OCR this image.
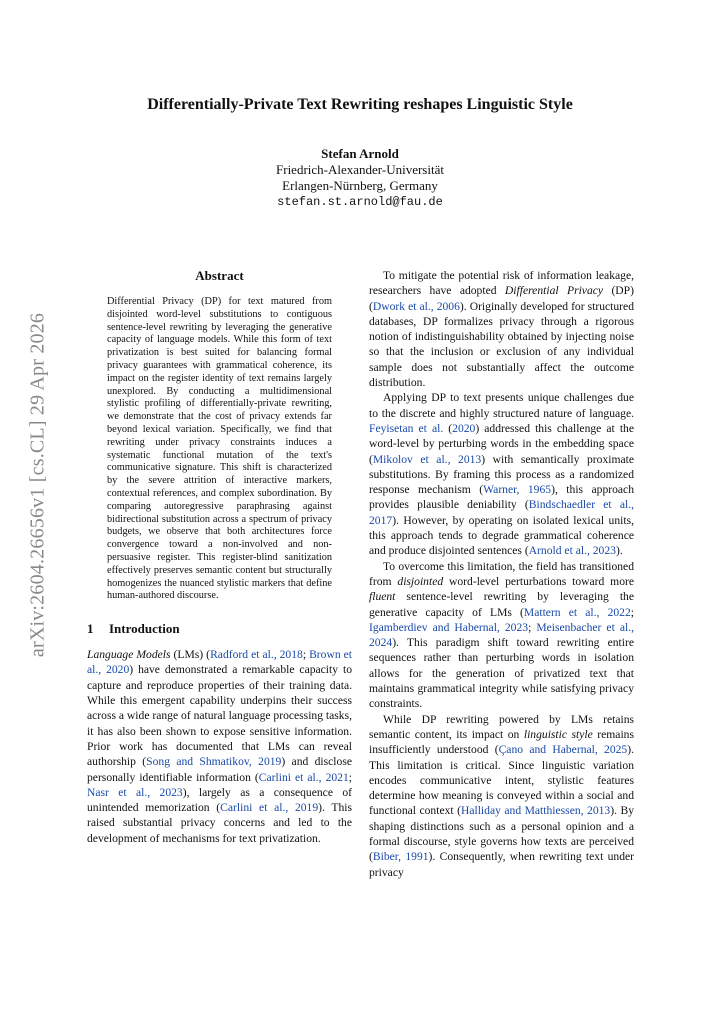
arXiv:2604.26656v1 [cs.CL] 29 Apr 2026
Differentially-Private Text Rewriting reshapes Linguistic Style
Stefan Arnold
Friedrich-Alexander-Universität
Erlangen-Nürnberg, Germany
stefan.st.arnold@fau.de
Abstract
Differential Privacy (DP) for text matured from disjointed word-level substitutions to contiguous sentence-level rewriting by leveraging the generative capacity of language models. While this form of text privatization is best suited for balancing formal privacy guarantees with grammatical coherence, its impact on the register identity of text remains largely unexplored. By conducting a multidimensional stylistic profiling of differentially-private rewriting, we demonstrate that the cost of privacy extends far beyond lexical variation. Specifically, we find that rewriting under privacy constraints induces a systematic functional mutation of the text's communicative signature. This shift is characterized by the severe attrition of interactive markers, contextual references, and complex subordination. By comparing autoregressive paraphrasing against bidirectional substitution across a spectrum of privacy budgets, we observe that both architectures force convergence toward a non-involved and non-persuasive register. This register-blind sanitization effectively preserves semantic content but structurally homogenizes the nuanced stylistic markers that define human-authored discourse.
1 Introduction

Language Models (LMs) (Radford et al., 2018; Brown et al., 2020) have demonstrated a remarkable capacity to capture and reproduce properties of their training data. While this emergent capability underpins their success across a wide range of natural language processing tasks, it has also been shown to expose sensitive information. Prior work has documented that LMs can reveal authorship (Song and Shmatikov, 2019) and disclose personally identifiable information (Carlini et al., 2021; Nasr et al., 2023), largely as a consequence of unintended memorization (Carlini et al., 2019). This raised substantial privacy concerns and led to the development of mechanisms for text privatization.

To mitigate the potential risk of information leakage, researchers have adopted Differential Privacy (DP) (Dwork et al., 2006). Originally developed for structured databases, DP formalizes privacy through a rigorous notion of indistinguishability obtained by injecting noise so that the inclusion or exclusion of any individual sample does not substantially affect the outcome distribution.

Applying DP to text presents unique challenges due to the discrete and highly structured nature of language. Feyisetan et al. (2020) addressed this challenge at the word-level by perturbing words in the embedding space (Mikolov et al., 2013) with semantically proximate substitutions. By framing this process as a randomized response mechanism (Warner, 1965), this approach provides plausible deniability (Bindschaedler et al., 2017). However, by operating on isolated lexical units, this approach tends to degrade grammatical coherence and produce disjointed sentences (Arnold et al., 2023).

To overcome this limitation, the field has transitioned from disjointed word-level perturbations toward more fluent sentence-level rewriting by leveraging the generative capacity of LMs (Mattern et al., 2022; Igamberdiev and Habernal, 2023; Meisenbacher et al., 2024). This paradigm shift toward rewriting entire sequences rather than perturbing words in isolation allows for the generation of privatized text that maintains grammatical integrity while satisfying privacy constraints.

While DP rewriting powered by LMs retains semantic content, its impact on linguistic style remains insufficiently understood (Çano and Habernal, 2025). This limitation is critical. Since linguistic variation encodes communicative intent, stylistic features determine how meaning is conveyed within a social and functional context (Halliday and Matthiessen, 2013). By shaping distinctions such as a personal opinion and a formal discourse, style governs how texts are perceived (Biber, 1991). Consequently, when rewriting text under privacy
